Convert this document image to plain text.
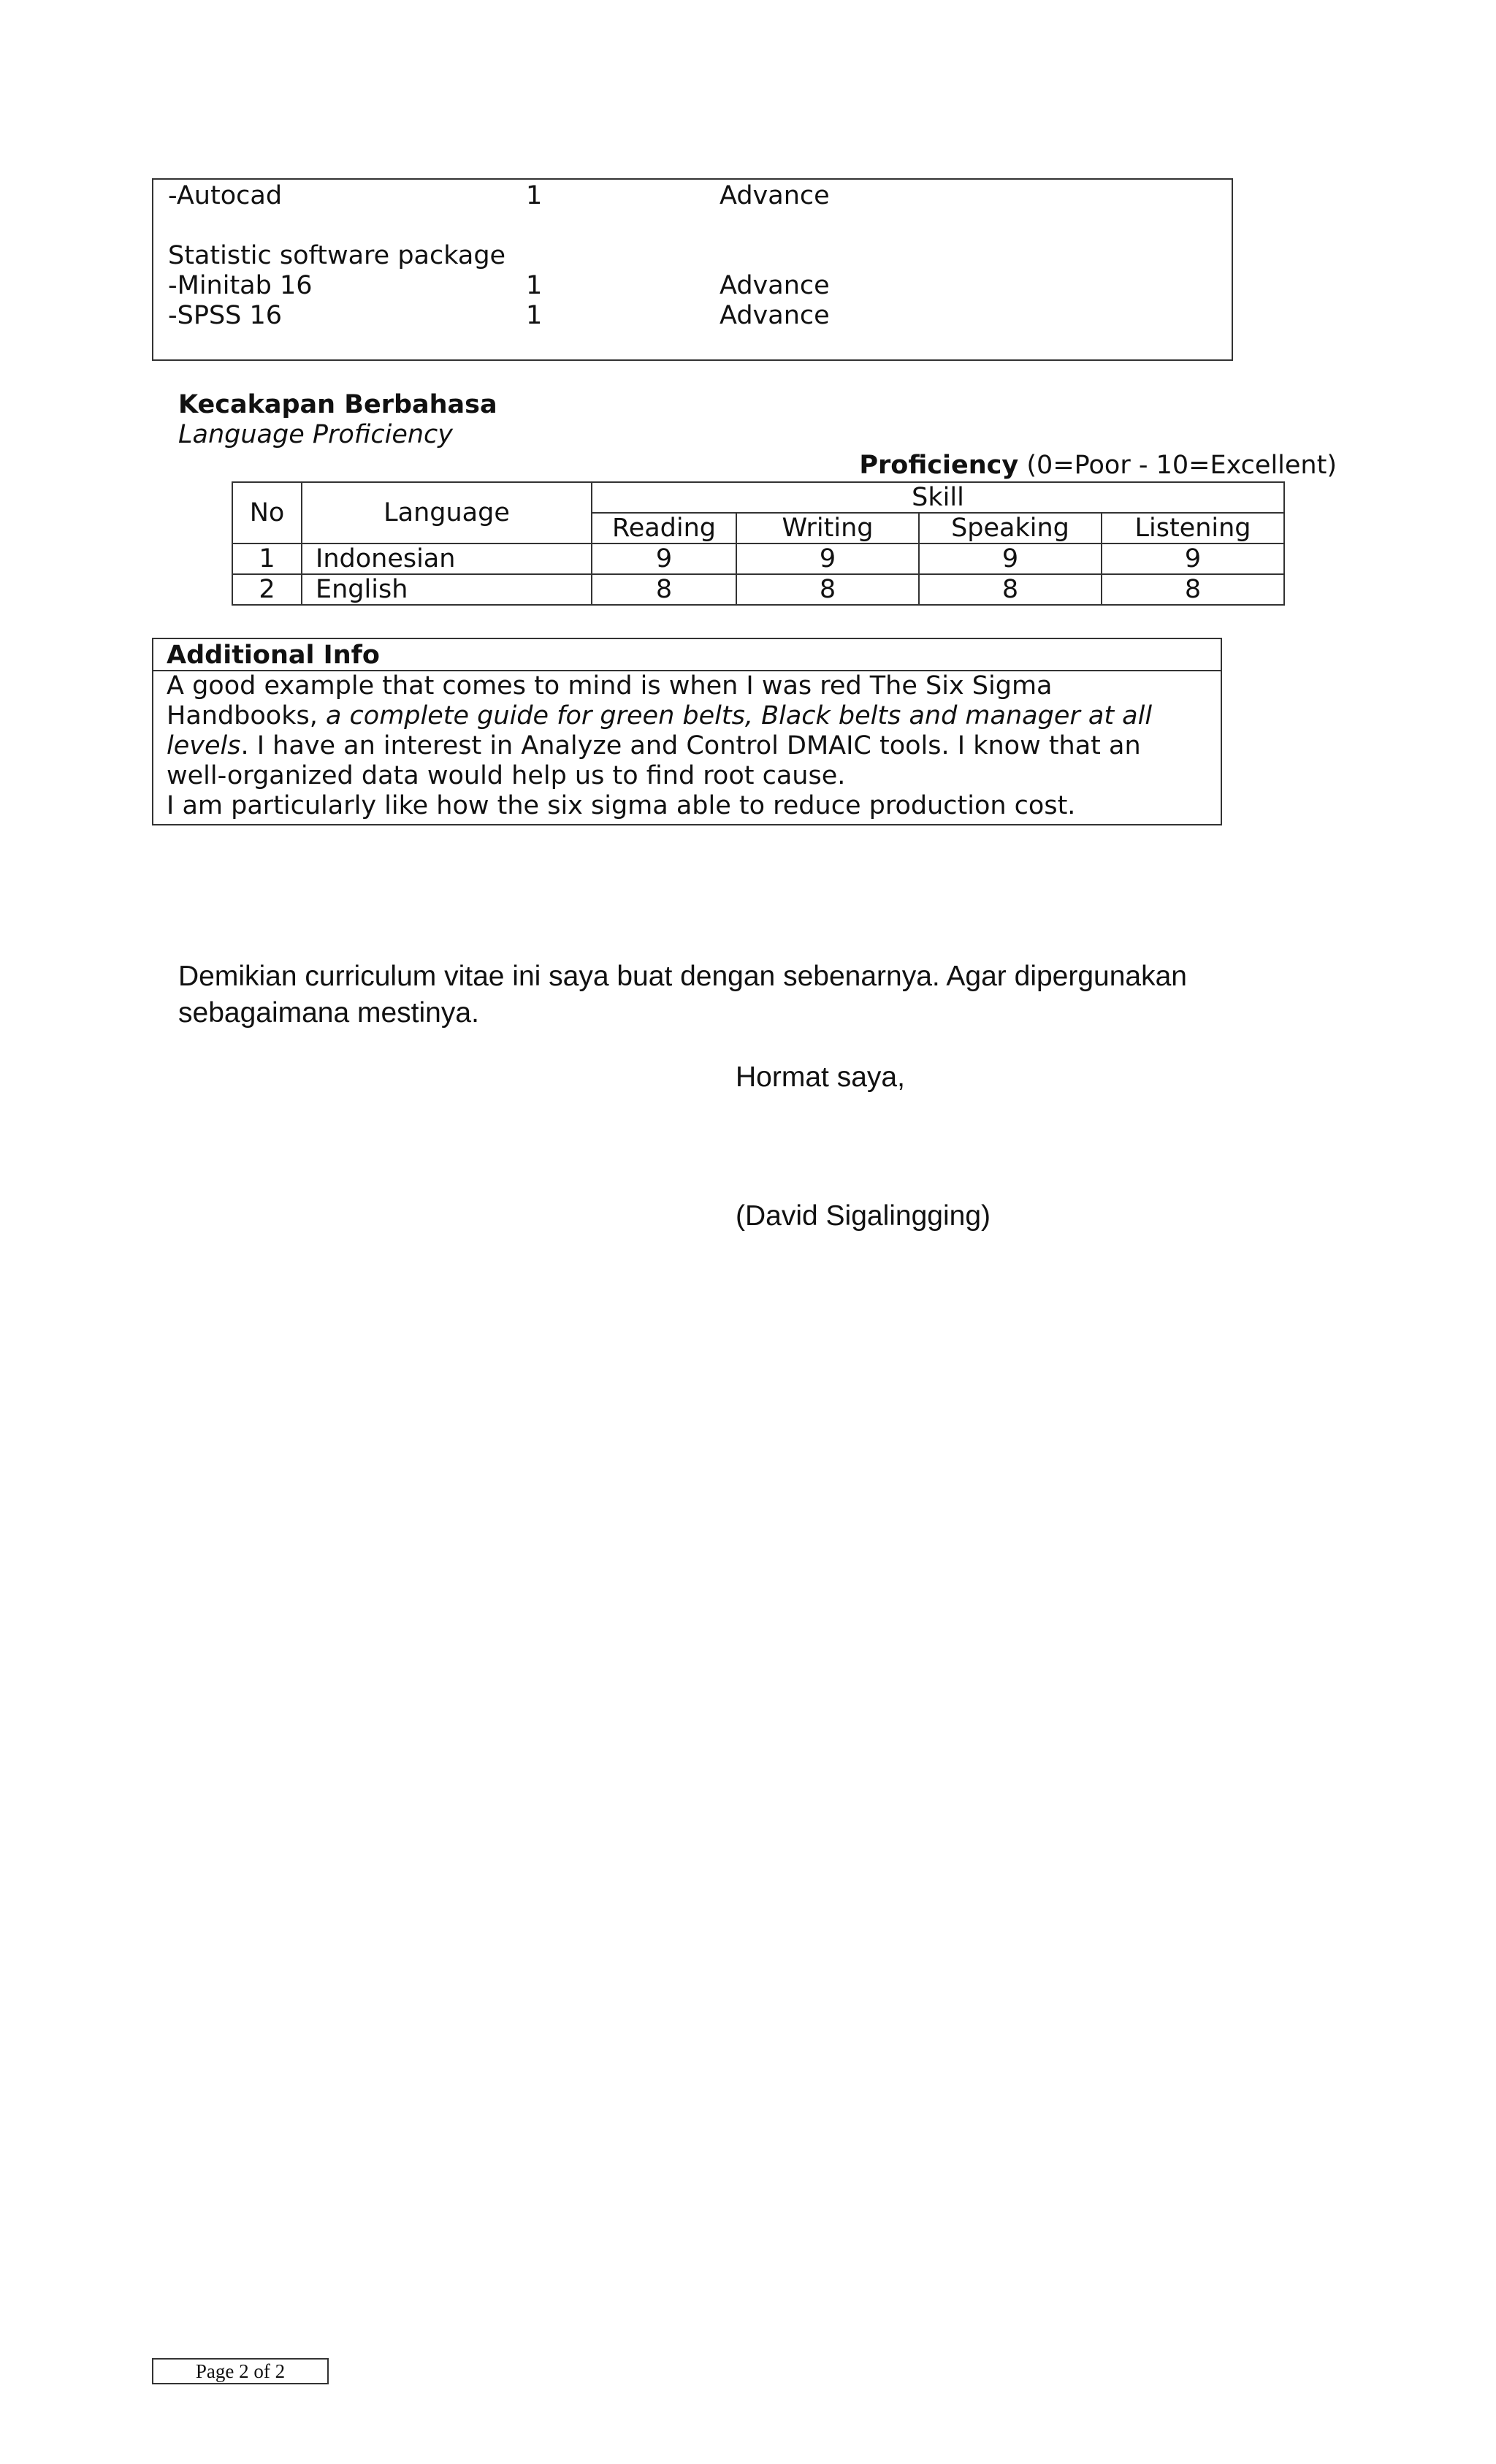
-Autocad	1	Advance
Statistic software package
-Minitab 16	1	Advance
-SPSS 16	1	Advance
Kecakapan Berbahasa
Language Proficiency
Proficiency (0=Poor - 10=Excellent)
No	Language	Skill			
		Reading	Writing	Speaking	Listening
1	Indonesian	9	9	9	9
2	English	8	8	8	8
Additional Info
A good example that comes to mind is when I was red The Six Sigma Handbooks, a complete guide for green belts, Black belts and manager at all levels. I have an interest in Analyze and Control DMAIC tools. I know that an well-organized data would help us to find root cause.
I am particularly like how the six sigma able to reduce production cost.
Demikian curriculum vitae ini saya buat dengan sebenarnya. Agar dipergunakan sebagaimana mestinya.
Hormat saya,
(David Sigalingging)
Page 2 of 2
